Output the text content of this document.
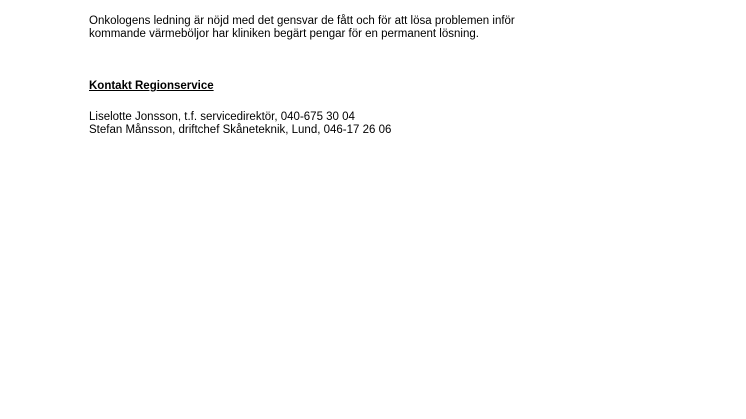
Onkologens ledning är nöjd med det gensvar de fått och för att lösa problemen inför
kommande värmeböljor har kliniken begärt pengar för en permanent lösning.
Kontakt Regionservice
Liselotte Jonsson, t.f. servicedirektör, 040-675 30 04
Stefan Månsson, driftchef Skåneteknik, Lund, 046-17 26 06
